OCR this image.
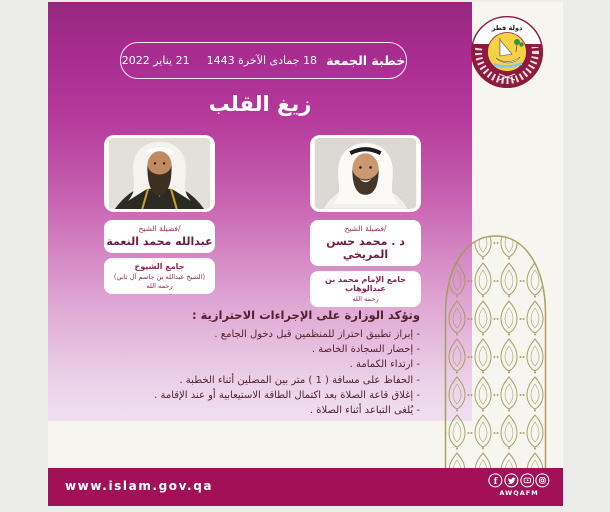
خطبة الجمعة
18 جمادى الآخرة 1443
21 يناير 2022
زيغ القلب
فضيلة الشيخ/
د . محمد حسن المريخي
جامع الإمام محمد بن عبدالوهاب
رحمه الله
فضيلة الشيخ/
عبدالله محمد النعمة
جامع الشيوخ
(الشيخ عبدالله بن جاسم آل ثاني)
رحمه الله
وتؤكد الوزارة على الإجراءات الاحترازية :
- إبراز تطبيق احتراز للمنظمين قبل دخول الجامع .
- إحضار السجادة الخاصة .
- ارتداء الكمامة .
- الحفاظ على مسافة ( 1 ) متر بين المصلين أثناء الخطبة .
- إغلاق قاعة الصلاة بعد اكتمال الطاقة الاستيعابية أو عند الإقامة .
- يُلغى التباعد أثناء الصلاة .
دولة قطر
www.islam.gov.qa	f
AWQAFM
